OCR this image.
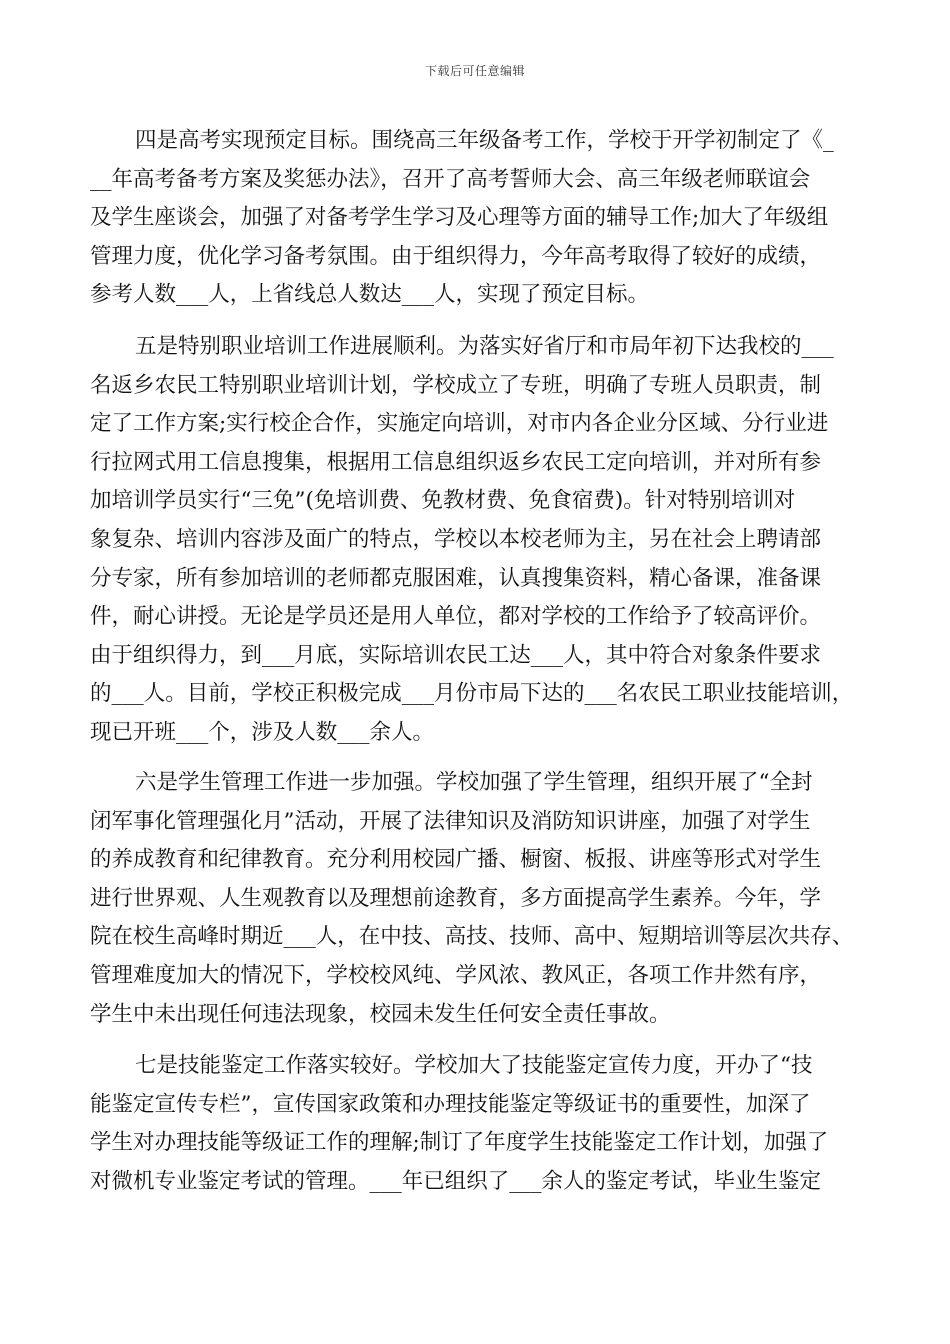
下载后可任意编辑
四是高考实现预定目标。围绕高三年级备考工作，学校于开学初制定了《_
__年高考备考方案及奖惩办法》，召开了高考誓师大会、高三年级老师联谊会
及学生座谈会，加强了对备考学生学习及心理等方面的辅导工作;加大了年级组
管理力度，优化学习备考氛围。由于组织得力，今年高考取得了较好的成绩，
参考人数___人，上省线总人数达___人，实现了预定目标。
五是特别职业培训工作进展顺利。为落实好省厅和市局年初下达我校的___
名返乡农民工特别职业培训计划，学校成立了专班，明确了专班人员职责，制
定了工作方案;实行校企合作，实施定向培训，对市内各企业分区域、分行业进
行拉网式用工信息搜集，根据用工信息组织返乡农民工定向培训，并对所有参
加培训学员实行“三免”(免培训费、免教材费、免食宿费)。针对特别培训对
象复杂、培训内容涉及面广的特点，学校以本校老师为主，另在社会上聘请部
分专家，所有参加培训的老师都克服困难，认真搜集资料，精心备课，准备课
件，耐心讲授。无论是学员还是用人单位，都对学校的工作给予了较高评价。
由于组织得力，到___月底，实际培训农民工达___人，其中符合对象条件要求
的___人。目前，学校正积极完成___月份市局下达的___名农民工职业技能培训，
现已开班___个，涉及人数___余人。
六是学生管理工作进一步加强。学校加强了学生管理，组织开展了“全封
闭军事化管理强化月”活动，开展了法律知识及消防知识讲座，加强了对学生
的养成教育和纪律教育。充分利用校园广播、橱窗、板报、讲座等形式对学生
进行世界观、人生观教育以及理想前途教育，多方面提高学生素养。今年，学
院在校生高峰时期近___人，在中技、高技、技师、高中、短期培训等层次共存、
管理难度加大的情况下，学校校风纯、学风浓、教风正，各项工作井然有序，
学生中未出现任何违法现象，校园未发生任何安全责任事故。
七是技能鉴定工作落实较好。学校加大了技能鉴定宣传力度，开办了“技
能鉴定宣传专栏”，宣传国家政策和办理技能鉴定等级证书的重要性，加深了
学生对办理技能等级证工作的理解;制订了年度学生技能鉴定工作计划，加强了
对微机专业鉴定考试的管理。___年已组织了___余人的鉴定考试，毕业生鉴定
